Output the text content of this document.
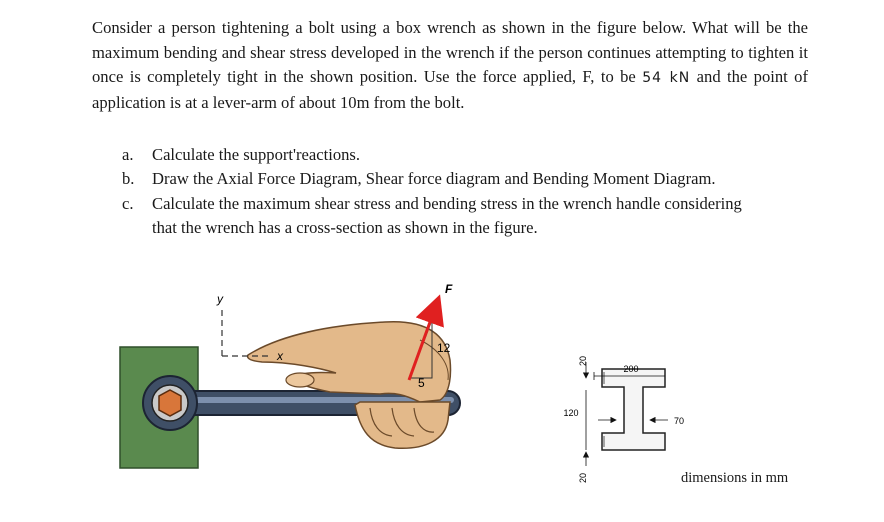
Consider a person tightening a bolt using a box wrench as shown in the figure below. What will be the maximum bending and shear stress developed in the wrench if the person continues attempting to tighten it once is completely tight in the shown position. Use the force applied, F, to be 54 kN and the point of application is at a lever-arm of about 10m from the bolt.
a.	Calculate the support'reactions.
b.	Draw the Axial Force Diagram, Shear force diagram and Bending Moment Diagram.
c.	Calculate the maximum shear stress and bending stress in the wrench handle considering that the wrench has a cross-section as shown in the figure.
y
x
F
12
5
20
200
120
70
20	dimensions in mm
